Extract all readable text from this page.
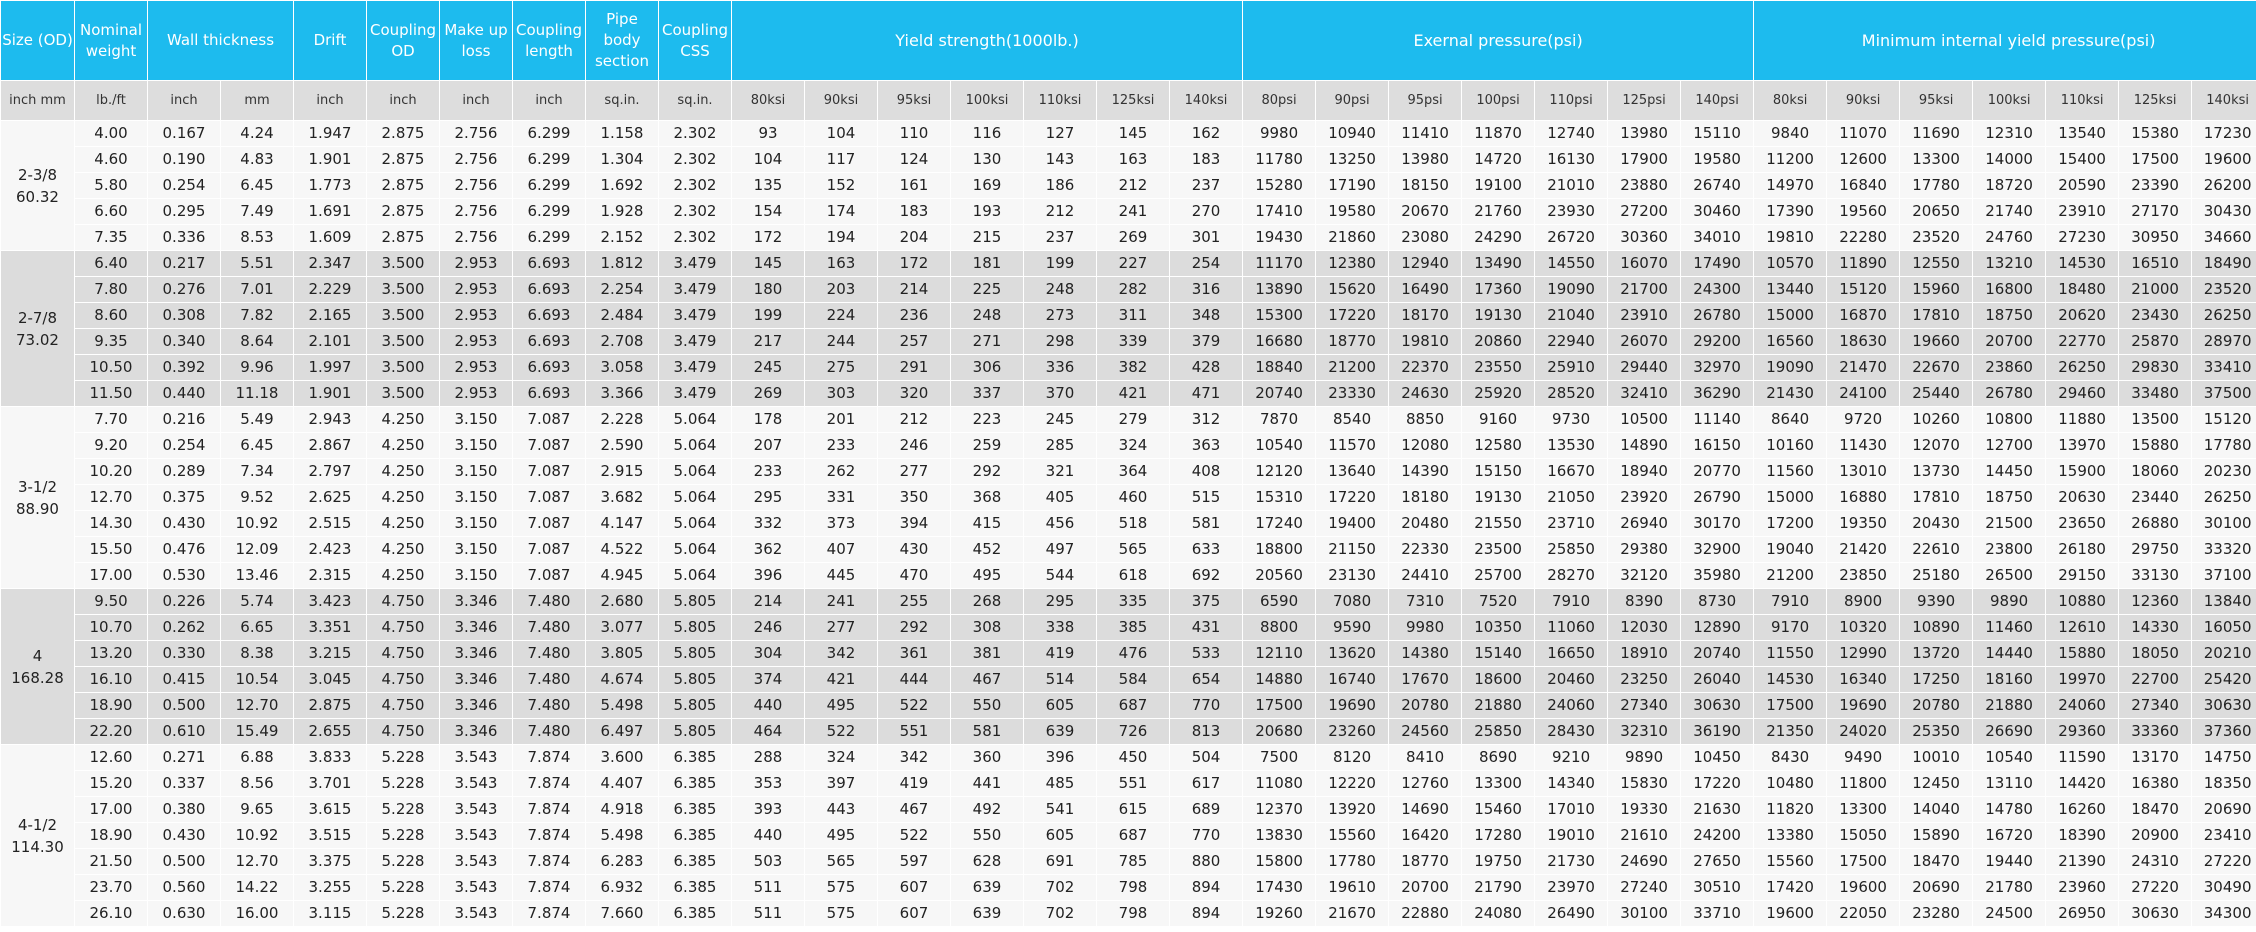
Size (OD)	Nominal weight	Wall thickness		Drift	Coupling OD	Make up loss	Coupling length	Pipe body section	Coupling CSS	Yield strength(1000lb.)							Exernal pressure(psi)							Minimum internal yield pressure(psi)						
inch mm	lb./ft	inch	mm	inch	inch	inch	inch	sq.in.	sq.in.	80ksi	90ksi	95ksi	100ksi	110ksi	125ksi	140ksi	80psi	90psi	95psi	100psi	110psi	125psi	140psi	80ksi	90ksi	95ksi	100ksi	110ksi	125ksi	140ksi
2-3/8
60.32	4.00	0.167	4.24	1.947	2.875	2.756	6.299	1.158	2.302	93	104	110	116	127	145	162	9980	10940	11410	11870	12740	13980	15110	9840	11070	11690	12310	13540	15380	17230
	4.60	0.190	4.83	1.901	2.875	2.756	6.299	1.304	2.302	104	117	124	130	143	163	183	11780	13250	13980	14720	16130	17900	19580	11200	12600	13300	14000	15400	17500	19600
	5.80	0.254	6.45	1.773	2.875	2.756	6.299	1.692	2.302	135	152	161	169	186	212	237	15280	17190	18150	19100	21010	23880	26740	14970	16840	17780	18720	20590	23390	26200
	6.60	0.295	7.49	1.691	2.875	2.756	6.299	1.928	2.302	154	174	183	193	212	241	270	17410	19580	20670	21760	23930	27200	30460	17390	19560	20650	21740	23910	27170	30430
	7.35	0.336	8.53	1.609	2.875	2.756	6.299	2.152	2.302	172	194	204	215	237	269	301	19430	21860	23080	24290	26720	30360	34010	19810	22280	23520	24760	27230	30950	34660
2-7/8
73.02	6.40	0.217	5.51	2.347	3.500	2.953	6.693	1.812	3.479	145	163	172	181	199	227	254	11170	12380	12940	13490	14550	16070	17490	10570	11890	12550	13210	14530	16510	18490
	7.80	0.276	7.01	2.229	3.500	2.953	6.693	2.254	3.479	180	203	214	225	248	282	316	13890	15620	16490	17360	19090	21700	24300	13440	15120	15960	16800	18480	21000	23520
	8.60	0.308	7.82	2.165	3.500	2.953	6.693	2.484	3.479	199	224	236	248	273	311	348	15300	17220	18170	19130	21040	23910	26780	15000	16870	17810	18750	20620	23430	26250
	9.35	0.340	8.64	2.101	3.500	2.953	6.693	2.708	3.479	217	244	257	271	298	339	379	16680	18770	19810	20860	22940	26070	29200	16560	18630	19660	20700	22770	25870	28970
	10.50	0.392	9.96	1.997	3.500	2.953	6.693	3.058	3.479	245	275	291	306	336	382	428	18840	21200	22370	23550	25910	29440	32970	19090	21470	22670	23860	26250	29830	33410
	11.50	0.440	11.18	1.901	3.500	2.953	6.693	3.366	3.479	269	303	320	337	370	421	471	20740	23330	24630	25920	28520	32410	36290	21430	24100	25440	26780	29460	33480	37500
3-1/2
88.90	7.70	0.216	5.49	2.943	4.250	3.150	7.087	2.228	5.064	178	201	212	223	245	279	312	7870	8540	8850	9160	9730	10500	11140	8640	9720	10260	10800	11880	13500	15120
	9.20	0.254	6.45	2.867	4.250	3.150	7.087	2.590	5.064	207	233	246	259	285	324	363	10540	11570	12080	12580	13530	14890	16150	10160	11430	12070	12700	13970	15880	17780
	10.20	0.289	7.34	2.797	4.250	3.150	7.087	2.915	5.064	233	262	277	292	321	364	408	12120	13640	14390	15150	16670	18940	20770	11560	13010	13730	14450	15900	18060	20230
	12.70	0.375	9.52	2.625	4.250	3.150	7.087	3.682	5.064	295	331	350	368	405	460	515	15310	17220	18180	19130	21050	23920	26790	15000	16880	17810	18750	20630	23440	26250
	14.30	0.430	10.92	2.515	4.250	3.150	7.087	4.147	5.064	332	373	394	415	456	518	581	17240	19400	20480	21550	23710	26940	30170	17200	19350	20430	21500	23650	26880	30100
	15.50	0.476	12.09	2.423	4.250	3.150	7.087	4.522	5.064	362	407	430	452	497	565	633	18800	21150	22330	23500	25850	29380	32900	19040	21420	22610	23800	26180	29750	33320
	17.00	0.530	13.46	2.315	4.250	3.150	7.087	4.945	5.064	396	445	470	495	544	618	692	20560	23130	24410	25700	28270	32120	35980	21200	23850	25180	26500	29150	33130	37100
4
168.28	9.50	0.226	5.74	3.423	4.750	3.346	7.480	2.680	5.805	214	241	255	268	295	335	375	6590	7080	7310	7520	7910	8390	8730	7910	8900	9390	9890	10880	12360	13840
	10.70	0.262	6.65	3.351	4.750	3.346	7.480	3.077	5.805	246	277	292	308	338	385	431	8800	9590	9980	10350	11060	12030	12890	9170	10320	10890	11460	12610	14330	16050
	13.20	0.330	8.38	3.215	4.750	3.346	7.480	3.805	5.805	304	342	361	381	419	476	533	12110	13620	14380	15140	16650	18910	20740	11550	12990	13720	14440	15880	18050	20210
	16.10	0.415	10.54	3.045	4.750	3.346	7.480	4.674	5.805	374	421	444	467	514	584	654	14880	16740	17670	18600	20460	23250	26040	14530	16340	17250	18160	19970	22700	25420
	18.90	0.500	12.70	2.875	4.750	3.346	7.480	5.498	5.805	440	495	522	550	605	687	770	17500	19690	20780	21880	24060	27340	30630	17500	19690	20780	21880	24060	27340	30630
	22.20	0.610	15.49	2.655	4.750	3.346	7.480	6.497	5.805	464	522	551	581	639	726	813	20680	23260	24560	25850	28430	32310	36190	21350	24020	25350	26690	29360	33360	37360
4-1/2
114.30	12.60	0.271	6.88	3.833	5.228	3.543	7.874	3.600	6.385	288	324	342	360	396	450	504	7500	8120	8410	8690	9210	9890	10450	8430	9490	10010	10540	11590	13170	14750
	15.20	0.337	8.56	3.701	5.228	3.543	7.874	4.407	6.385	353	397	419	441	485	551	617	11080	12220	12760	13300	14340	15830	17220	10480	11800	12450	13110	14420	16380	18350
	17.00	0.380	9.65	3.615	5.228	3.543	7.874	4.918	6.385	393	443	467	492	541	615	689	12370	13920	14690	15460	17010	19330	21630	11820	13300	14040	14780	16260	18470	20690
	18.90	0.430	10.92	3.515	5.228	3.543	7.874	5.498	6.385	440	495	522	550	605	687	770	13830	15560	16420	17280	19010	21610	24200	13380	15050	15890	16720	18390	20900	23410
	21.50	0.500	12.70	3.375	5.228	3.543	7.874	6.283	6.385	503	565	597	628	691	785	880	15800	17780	18770	19750	21730	24690	27650	15560	17500	18470	19440	21390	24310	27220
	23.70	0.560	14.22	3.255	5.228	3.543	7.874	6.932	6.385	511	575	607	639	702	798	894	17430	19610	20700	21790	23970	27240	30510	17420	19600	20690	21780	23960	27220	30490
	26.10	0.630	16.00	3.115	5.228	3.543	7.874	7.660	6.385	511	575	607	639	702	798	894	19260	21670	22880	24080	26490	30100	33710	19600	22050	23280	24500	26950	30630	34300
